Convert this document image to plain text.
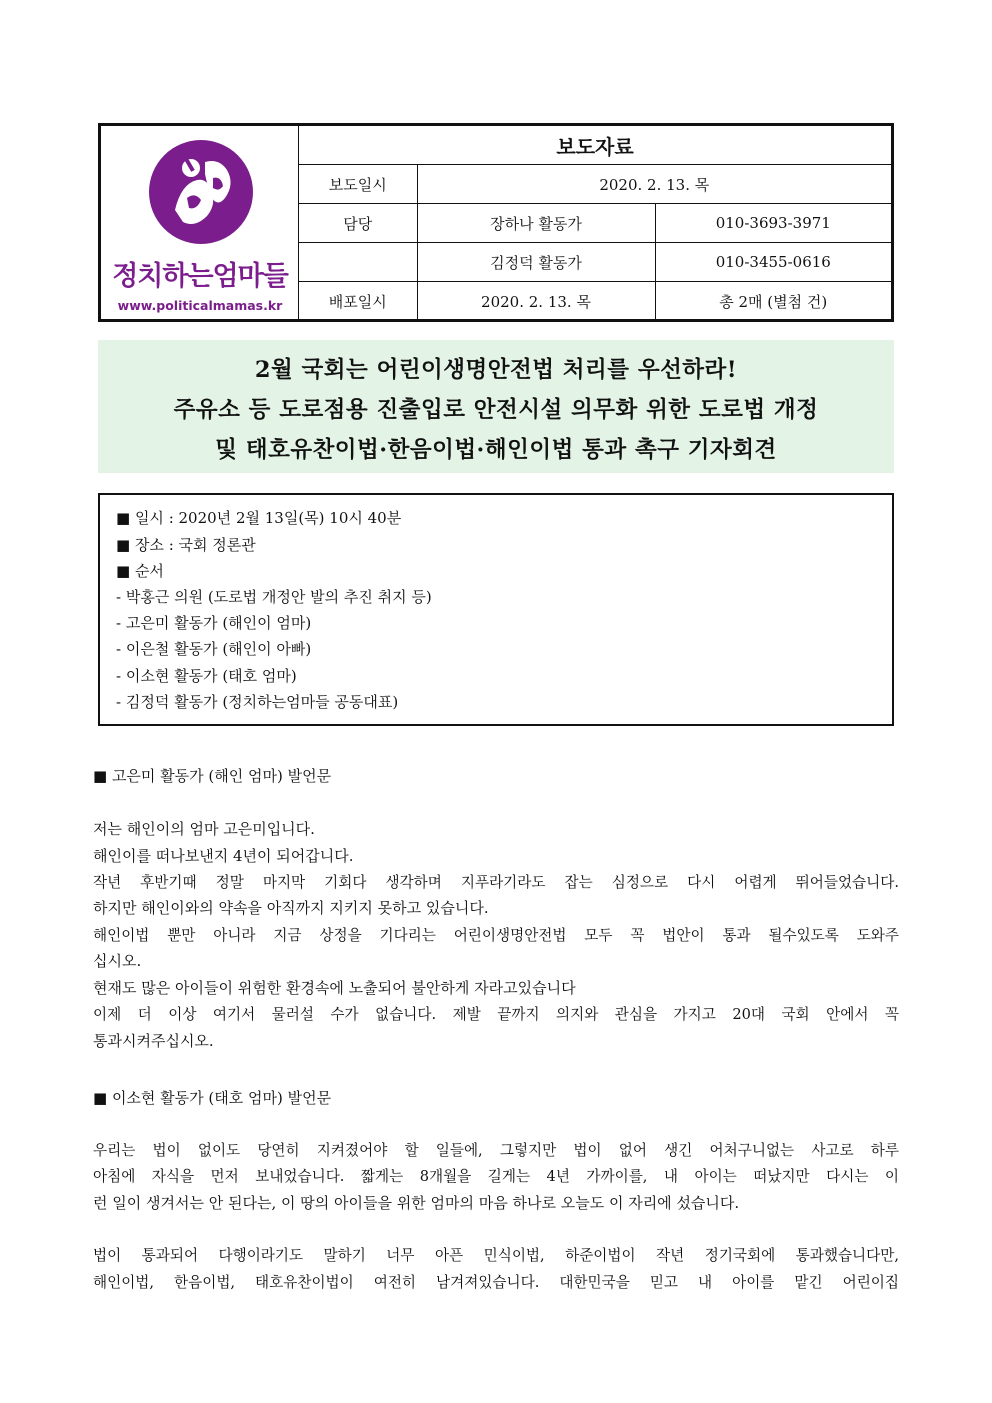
정치하는엄마들
www.politicalmamas.kr
보도자료		
보도일시	2020. 2. 13. 목	
담당	장하나 활동가	010-3693-3971
	김정덕 활동가	010-3455-0616
배포일시	2020. 2. 13. 목	총 2매 (별첨 건)
2월 국회는 어린이생명안전법 처리를 우선하라!
주유소 등 도로점용 진출입로 안전시설 의무화 위한 도로법 개정
및 태호유찬이법·한음이법·해인이법 통과 촉구 기자회견
■ 일시 : 2020년 2월 13일(목) 10시 40분
■ 장소 : 국회 정론관
■ 순서
- 박홍근 의원 (도로법 개정안 발의 추진 취지 등)
- 고은미 활동가 (해인이 엄마)
- 이은철 활동가 (해인이 아빠)
- 이소현 활동가 (태호 엄마)
- 김정덕 활동가 (정치하는엄마들 공동대표)
■ 고은미 활동가 (해인 엄마) 발언문
저는 해인이의 엄마 고은미입니다.
해인이를 떠나보낸지 4년이 되어갑니다.
작년 후반기때 정말 마지막 기회다 생각하며 지푸라기라도 잡는 심정으로 다시 어렵게 뛰어들었습니다.
하지만 해인이와의 약속을 아직까지 지키지 못하고 있습니다.
해인이법 뿐만 아니라 지금 상정을 기다리는 어린이생명안전법 모두 꼭 법안이 통과 될수있도록 도와주
십시오.
현재도 많은 아이들이 위험한 환경속에 노출되어 불안하게 자라고있습니다
이제 더 이상 여기서 물러설 수가 없습니다. 제발 끝까지 의지와 관심을 가지고 20대 국회 안에서 꼭
통과시켜주십시오.
■ 이소현 활동가 (태호 엄마) 발언문
우리는 법이 없이도 당연히 지켜졌어야 할 일들에, 그렇지만 법이 없어 생긴 어처구니없는 사고로 하루
아침에 자식을 먼저 보내었습니다. 짧게는 8개월을 길게는 4년 가까이를, 내 아이는 떠났지만 다시는 이
런 일이 생겨서는 안 된다는, 이 땅의 아이들을 위한 엄마의 마음 하나로 오늘도 이 자리에 섰습니다.
법이 통과되어 다행이라기도 말하기 너무 아픈 민식이법, 하준이법이 작년 정기국회에 통과했습니다만,
해인이법, 한음이법, 태호유찬이법이 여전히 남겨져있습니다. 대한민국을 믿고 내 아이를 맡긴 어린이집
